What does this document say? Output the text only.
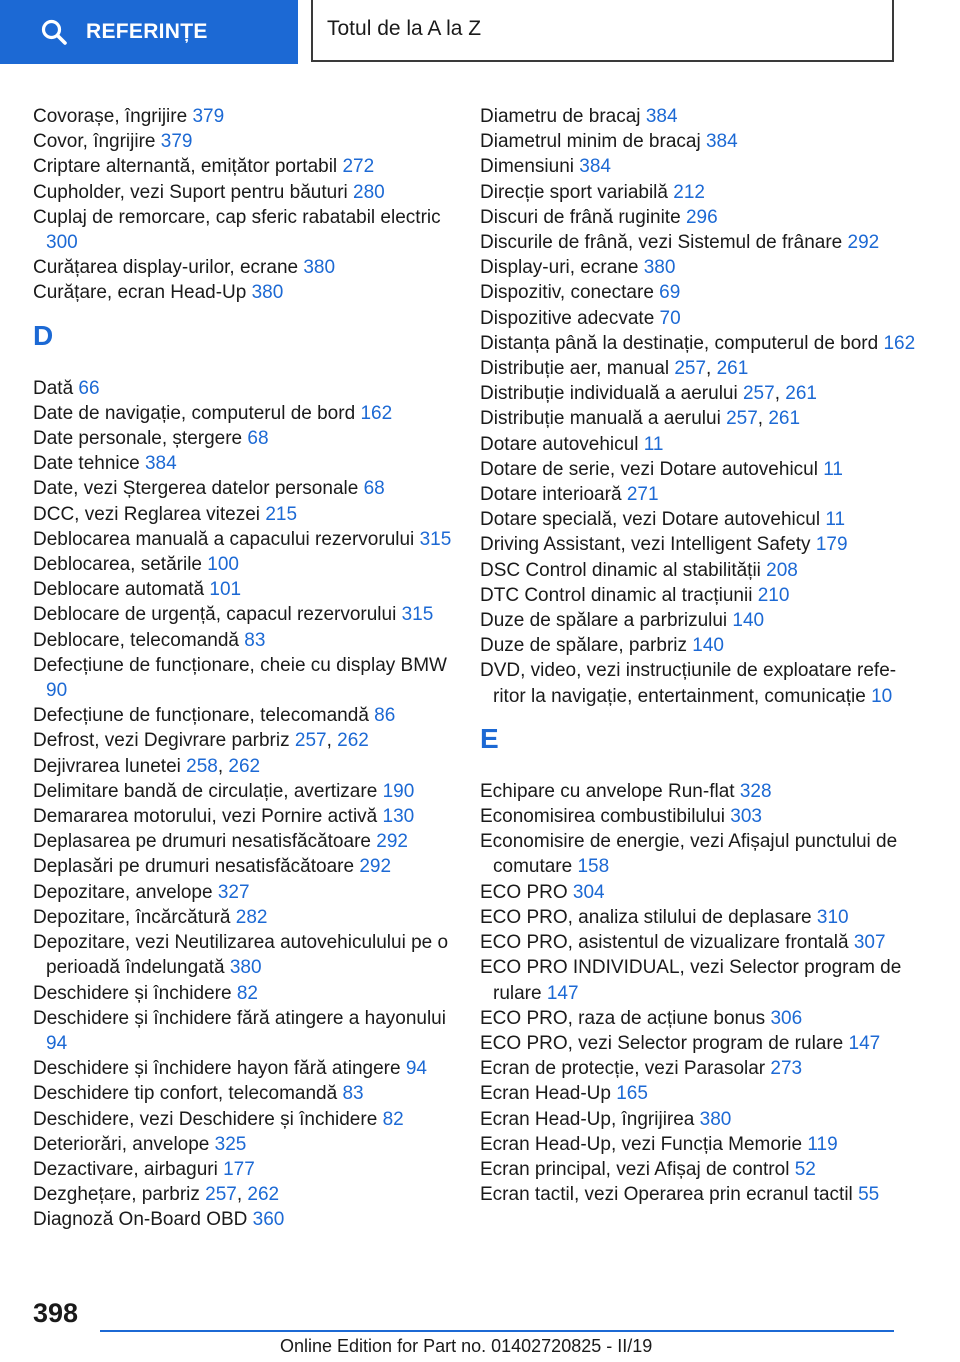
REFERINȚE	Totul de la A la Z
Covorașe, îngrijire 379
Covor, îngrijire 379
Criptare alternantă, emițător portabil 272
Cupholder, vezi Suport pentru băuturi 280
Cuplaj de remorcare, cap sferic rabatabil electric 300
Curățarea display-urilor, ecrane 380
Curățare, ecran Head-Up 380
D
Dată 66
Date de navigație, computerul de bord 162
Date personale, ștergere 68
Date tehnice 384
Date, vezi Ștergerea datelor personale 68
DCC, vezi Reglarea vitezei 215
Deblocarea manuală a capacului rezervorului 315
Deblocarea, setările 100
Deblocare automată 101
Deblocare de urgență, capacul rezervorului 315
Deblocare, telecomandă 83
Defecțiune de funcționare, cheie cu display BMW 90
Defecțiune de funcționare, telecomandă 86
Defrost, vezi Degivrare parbriz 257, 262
Dejivrarea lunetei 258, 262
Delimitare bandă de circulație, avertizare 190
Demararea motorului, vezi Pornire activă 130
Deplasarea pe drumuri nesatisfăcătoare 292
Deplasări pe drumuri nesatisfăcătoare 292
Depozitare, anvelope 327
Depozitare, încărcătură 282
Depozitare, vezi Neutilizarea autovehiculului pe o perioadă îndelungată 380
Deschidere și închidere 82
Deschidere și închidere fără atingere a hayonului 94
Deschidere și închidere hayon fără atingere 94
Deschidere tip confort, telecomandă 83
Deschidere, vezi Deschidere și închidere 82
Deteriorări, anvelope 325
Dezactivare, airbaguri 177
Dezghețare, parbriz 257, 262
Diagnoză On-Board OBD 360
Diametru de bracaj 384
Diametrul minim de bracaj 384
Dimensiuni 384
Direcție sport variabilă 212
Discuri de frână ruginite 296
Discurile de frână, vezi Sistemul de frânare 292
Display-uri, ecrane 380
Dispozitiv, conectare 69
Dispozitive adecvate 70
Distanța până la destinație, computerul de bord 162
Distribuție aer, manual 257, 261
Distribuție individuală a aerului 257, 261
Distribuție manuală a aerului 257, 261
Dotare autovehicul 11
Dotare de serie, vezi Dotare autovehicul 11
Dotare interioară 271
Dotare specială, vezi Dotare autovehicul 11
Driving Assistant, vezi Intelligent Safety 179
DSC Control dinamic al stabilității 208
DTC Control dinamic al tracțiunii 210
Duze de spălare a parbrizului 140
Duze de spălare, parbriz 140
DVD, video, vezi instrucțiunile de exploatare referitor la navigație, entertainment, comunicație 10
E
Echipare cu anvelope Run-flat 328
Economisirea combustibilului 303
Economisire de energie, vezi Afișajul punctului de comutare 158
ECO PRO 304
ECO PRO, analiza stilului de deplasare 310
ECO PRO, asistentul de vizualizare frontală 307
ECO PRO INDIVIDUAL, vezi Selector program de rulare 147
ECO PRO, raza de acțiune bonus 306
ECO PRO, vezi Selector program de rulare 147
Ecran de protecție, vezi Parasolar 273
Ecran Head-Up 165
Ecran Head-Up, îngrijirea 380
Ecran Head-Up, vezi Funcția Memorie 119
Ecran principal, vezi Afișaj de control 52
Ecran tactil, vezi Operarea prin ecranul tactil 55
398
Online Edition for Part no. 01402720825 - II/19
